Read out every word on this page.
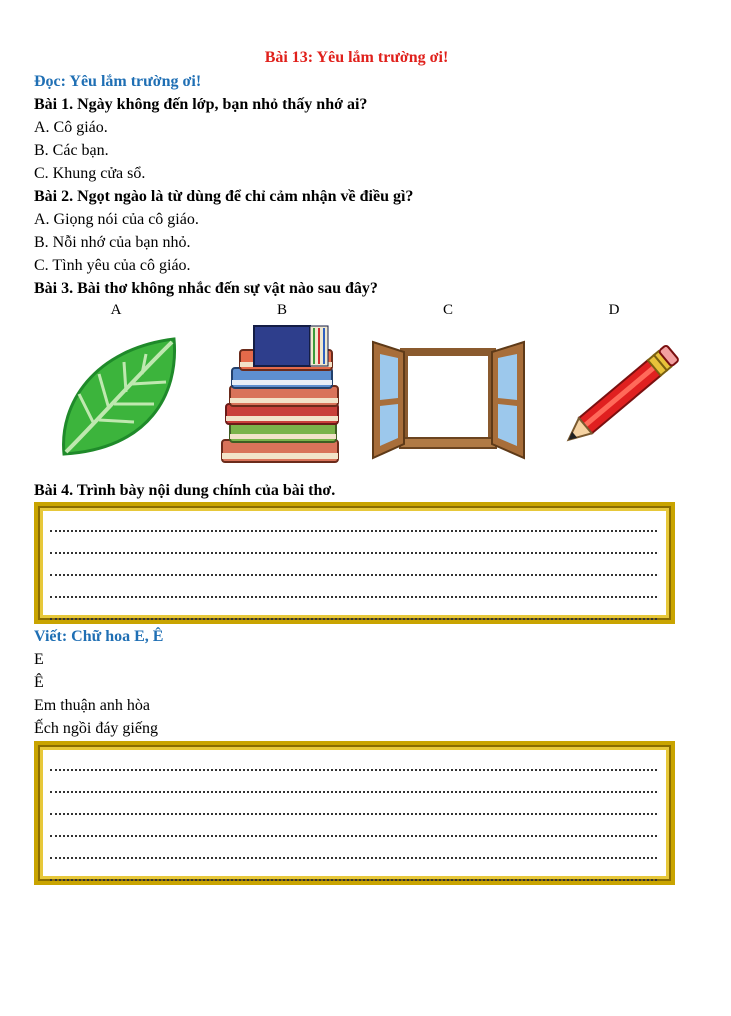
Bài 13: Yêu lắm trường ơi!
Đọc: Yêu lắm trường ơi!
Bài 1. Ngày không đến lớp, bạn nhỏ thấy nhớ ai?
A. Cô giáo.
B. Các bạn.
C. Khung cửa sổ.
Bài 2. Ngọt ngào là từ dùng để chỉ cảm nhận về điều gì?
A. Giọng nói của cô giáo.
B. Nỗi nhớ của bạn nhỏ.
C. Tình yêu của cô giáo.
Bài 3. Bài thơ không nhắc đến sự vật nào sau đây?
A	B	C	D
Bài 4. Trình bày nội dung chính của bài thơ.
Viết: Chữ hoa E, Ê
E
Ê
Em thuận anh hòa
Ếch ngồi đáy giếng
